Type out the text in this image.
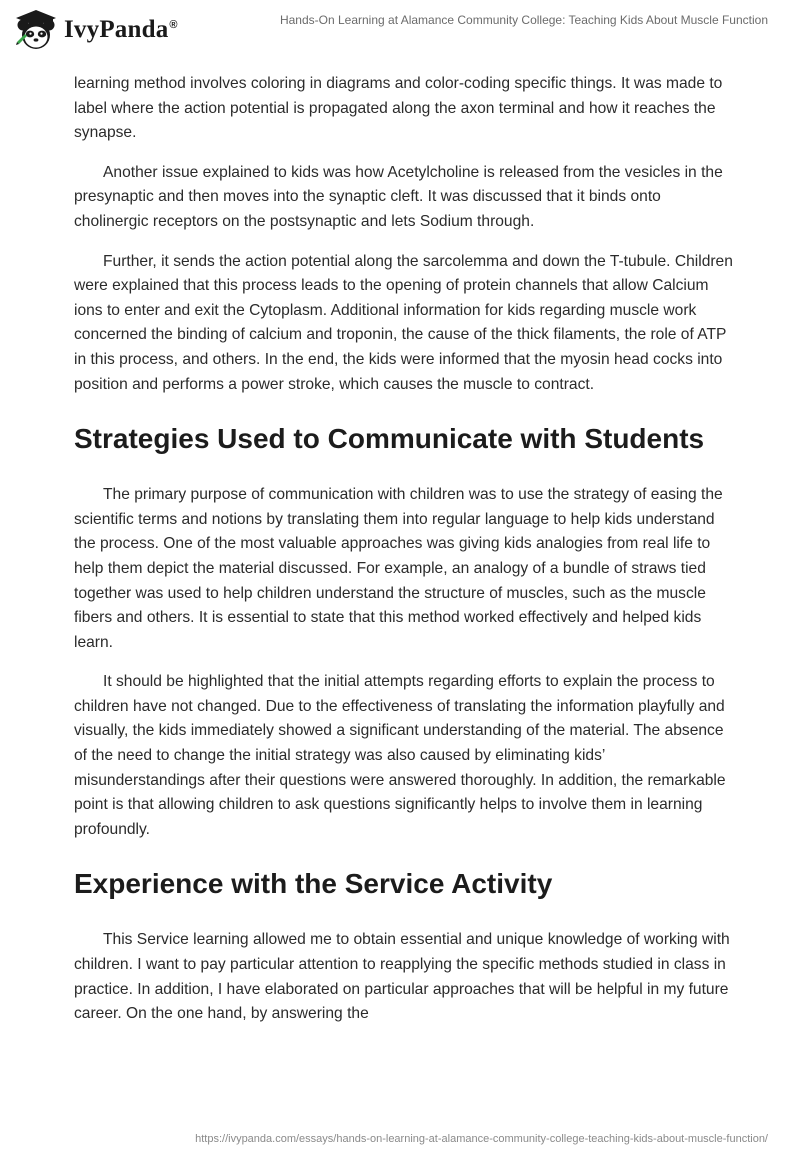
IvyPanda®	Hands-On Learning at Alamance Community College: Teaching Kids About Muscle Function

learning method involves coloring in diagrams and color-coding specific things. It was made to label where the action potential is propagated along the axon terminal and how it reaches the synapse.

Another issue explained to kids was how Acetylcholine is released from the vesicles in the presynaptic and then moves into the synaptic cleft. It was discussed that it binds onto cholinergic receptors on the postsynaptic and lets Sodium through.

Further, it sends the action potential along the sarcolemma and down the T-tubule. Children were explained that this process leads to the opening of protein channels that allow Calcium ions to enter and exit the Cytoplasm. Additional information for kids regarding muscle work concerned the binding of calcium and troponin, the cause of the thick filaments, the role of ATP in this process, and others. In the end, the kids were informed that the myosin head cocks into position and performs a power stroke, which causes the muscle to contract.

Strategies Used to Communicate with Students

The primary purpose of communication with children was to use the strategy of easing the scientific terms and notions by translating them into regular language to help kids understand the process. One of the most valuable approaches was giving kids analogies from real life to help them depict the material discussed. For example, an analogy of a bundle of straws tied together was used to help children understand the structure of muscles, such as the muscle fibers and others. It is essential to state that this method worked effectively and helped kids learn.

It should be highlighted that the initial attempts regarding efforts to explain the process to children have not changed. Due to the effectiveness of translating the information playfully and visually, the kids immediately showed a significant understanding of the material. The absence of the need to change the initial strategy was also caused by eliminating kids’ misunderstandings after their questions were answered thoroughly. In addition, the remarkable point is that allowing children to ask questions significantly helps to involve them in learning profoundly.

Experience with the Service Activity

This Service learning allowed me to obtain essential and unique knowledge of working with children. I want to pay particular attention to reapplying the specific methods studied in class in practice. In addition, I have elaborated on particular approaches that will be helpful in my future career. On the one hand, by answering the

https://ivypanda.com/essays/hands-on-learning-at-alamance-community-college-teaching-kids-about-muscle-function/
